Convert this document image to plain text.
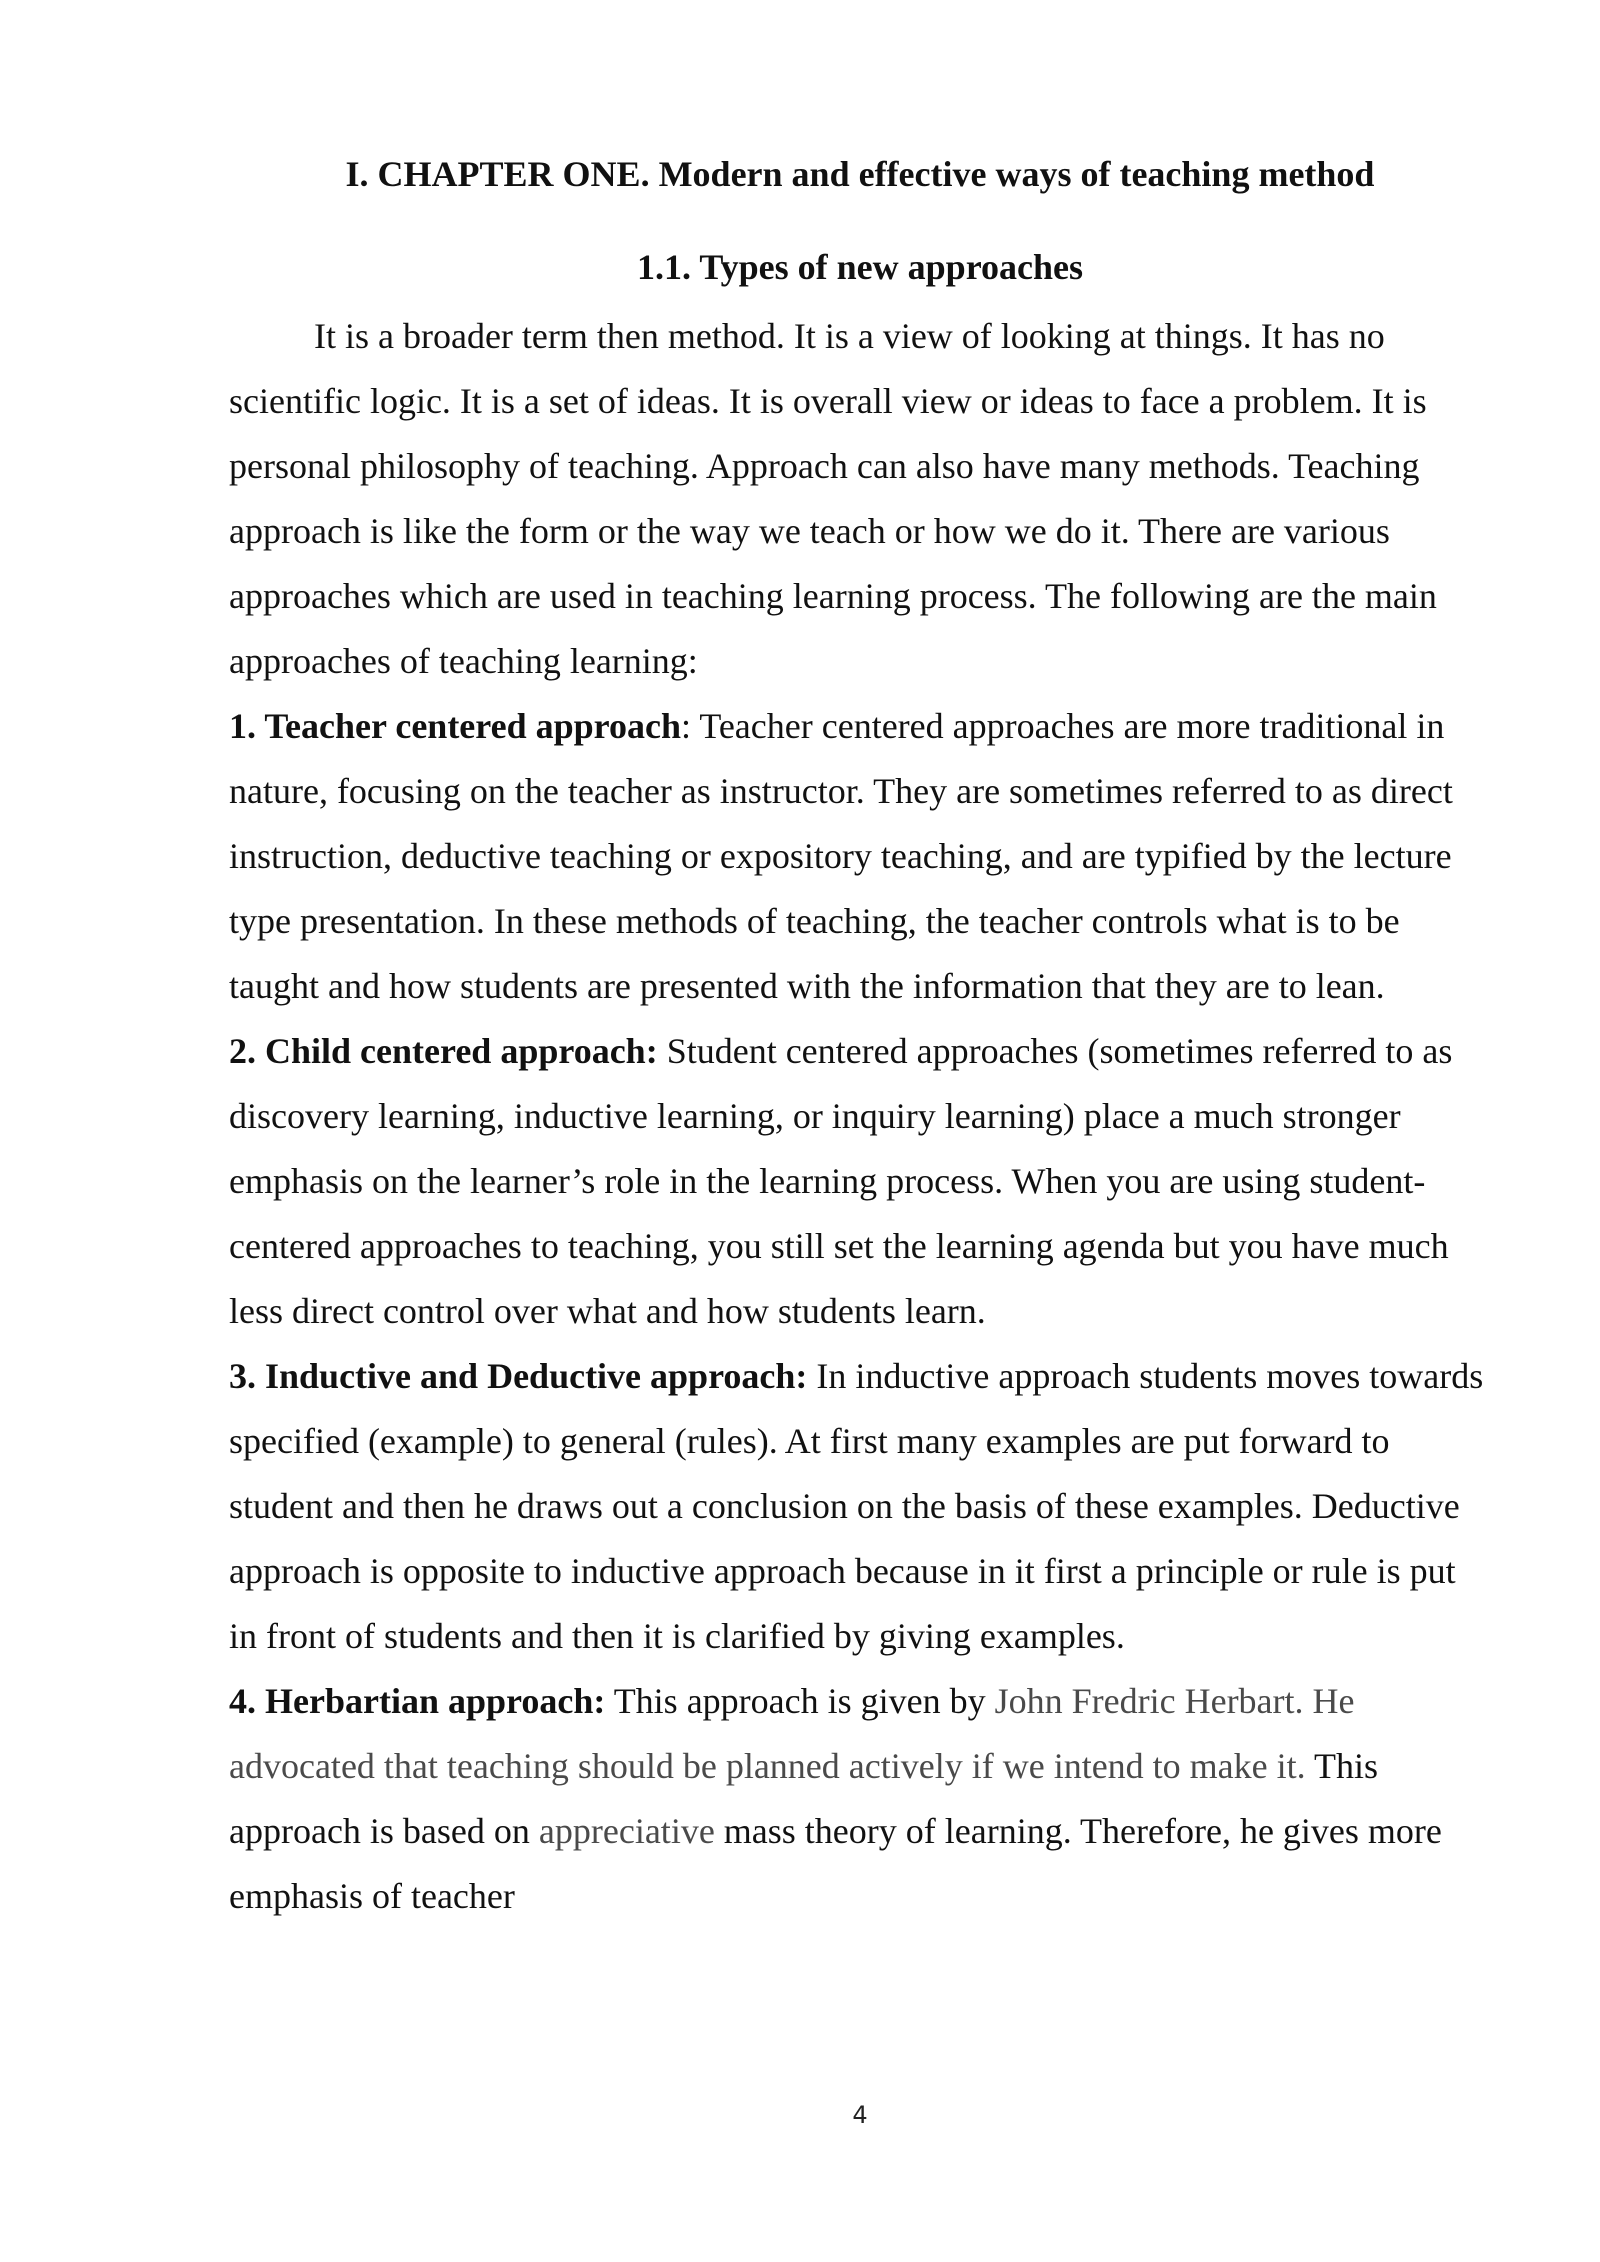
I. CHAPTER ONE. Modern and effective ways of teaching method
1.1. Types of new approaches

It is a broader term then method. It is a view of looking at things. It has no scientific logic. It is a set of ideas. It is overall view or ideas to face a problem. It is personal philosophy of teaching. Approach can also have many methods. Teaching approach is like the form or the way we teach or how we do it. There are various approaches which are used in teaching learning process. The following are the main approaches of teaching learning:

1. Teacher centered approach: Teacher centered approaches are more traditional in nature, focusing on the teacher as instructor. They are sometimes referred to as direct instruction, deductive teaching or expository teaching, and are typified by the lecture type presentation. In these methods of teaching, the teacher controls what is to be taught and how students are presented with the information that they are to lean.

2. Child centered approach: Student centered approaches (sometimes referred to as discovery learning, inductive learning, or inquiry learning) place a much stronger emphasis on the learner’s role in the learning process. When you are using student- centered approaches to teaching, you still set the learning agenda but you have much less direct control over what and how students learn.

3. Inductive and Deductive approach: In inductive approach students moves towards specified (example) to general (rules). At first many examples are put forward to student and then he draws out a conclusion on the basis of these examples. Deductive approach is opposite to inductive approach because in it first a principle or rule is put in front of students and then it is clarified by giving examples.

4. Herbartian approach: This approach is given by John Fredric Herbart. He advocated that teaching should be planned actively if we intend to make it. This approach is based on appreciative mass theory of learning. Therefore, he gives more emphasis of teacher

4
